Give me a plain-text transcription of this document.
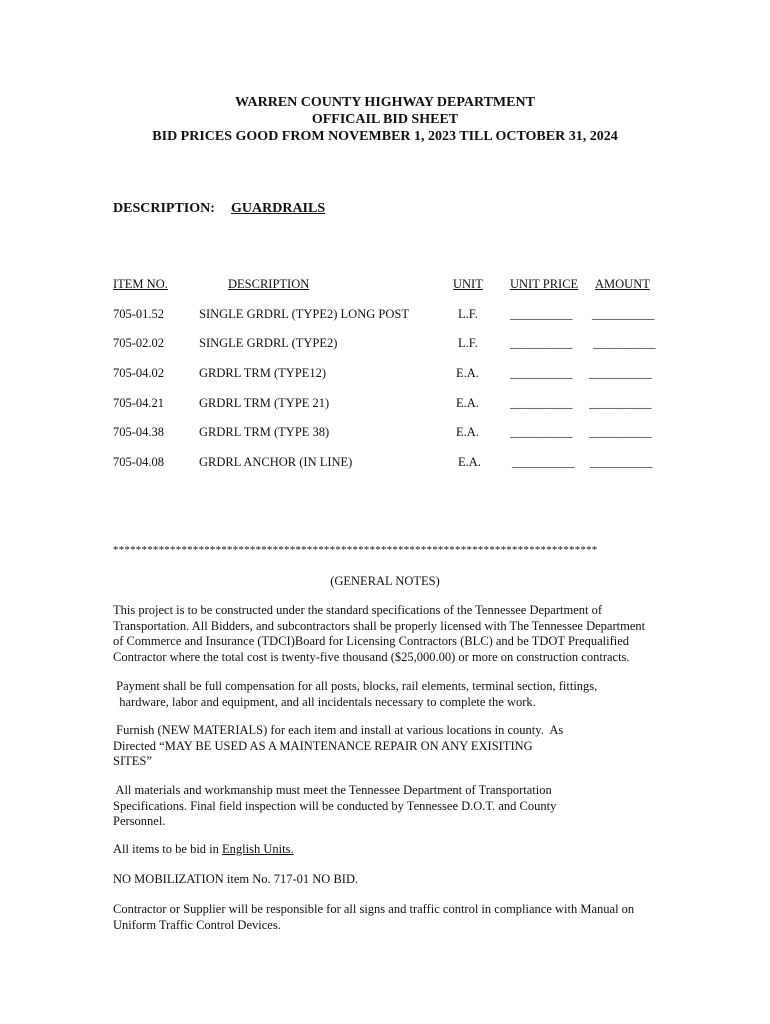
WARREN COUNTY HIGHWAY DEPARTMENT
OFFICAIL BID SHEET
BID PRICES GOOD FROM NOVEMBER 1, 2023 TILL OCTOBER 31, 2024
DESCRIPTION: GUARDRAILS
ITEM NO.	DESCRIPTION	UNIT UNIT PRICE AMOUNT
705-01.52	SINGLE GRDRL (TYPE2) LONG POST	L.F.	__________ __________
705-02.02	SINGLE GRDRL (TYPE2)	L.F.	__________ __________
705-04.02	GRDRL TRM (TYPE12)	E.A. __________ __________
705-04.21	GRDRL TRM (TYPE 21)	E.A. __________ __________
705-04.38	GRDRL TRM (TYPE 38)	E.A. __________ __________
705-04.08	GRDRL ANCHOR (IN LINE)	E.A. __________ __________
*************************************************************************************
(GENERAL NOTES)
This project is to be constructed under the standard specifications of the Tennessee Department of
Transportation. All Bidders, and subcontractors shall be properly licensed with The Tennessee Department
of Commerce and Insurance (TDCI)Board for Licensing Contractors (BLC) and be TDOT Prequalified
Contractor where the total cost is twenty-five thousand ($25,000.00) or more on construction contracts.
Payment shall be full compensation for all posts, blocks, rail elements, terminal section, fittings,
hardware, labor and equipment, and all incidentals necessary to complete the work.
Furnish (NEW MATERIALS) for each item and install at various locations in county.  As
Directed “MAY BE USED AS A MAINTENANCE REPAIR ON ANY EXISITING
SITES”
All materials and workmanship must meet the Tennessee Department of Transportation
Specifications. Final field inspection will be conducted by Tennessee D.O.T. and County
Personnel.
All items to be bid in English Units.
NO MOBILIZATION item No. 717-01 NO BID.
Contractor or Supplier will be responsible for all signs and traffic control in compliance with Manual on
Uniform Traffic Control Devices.
